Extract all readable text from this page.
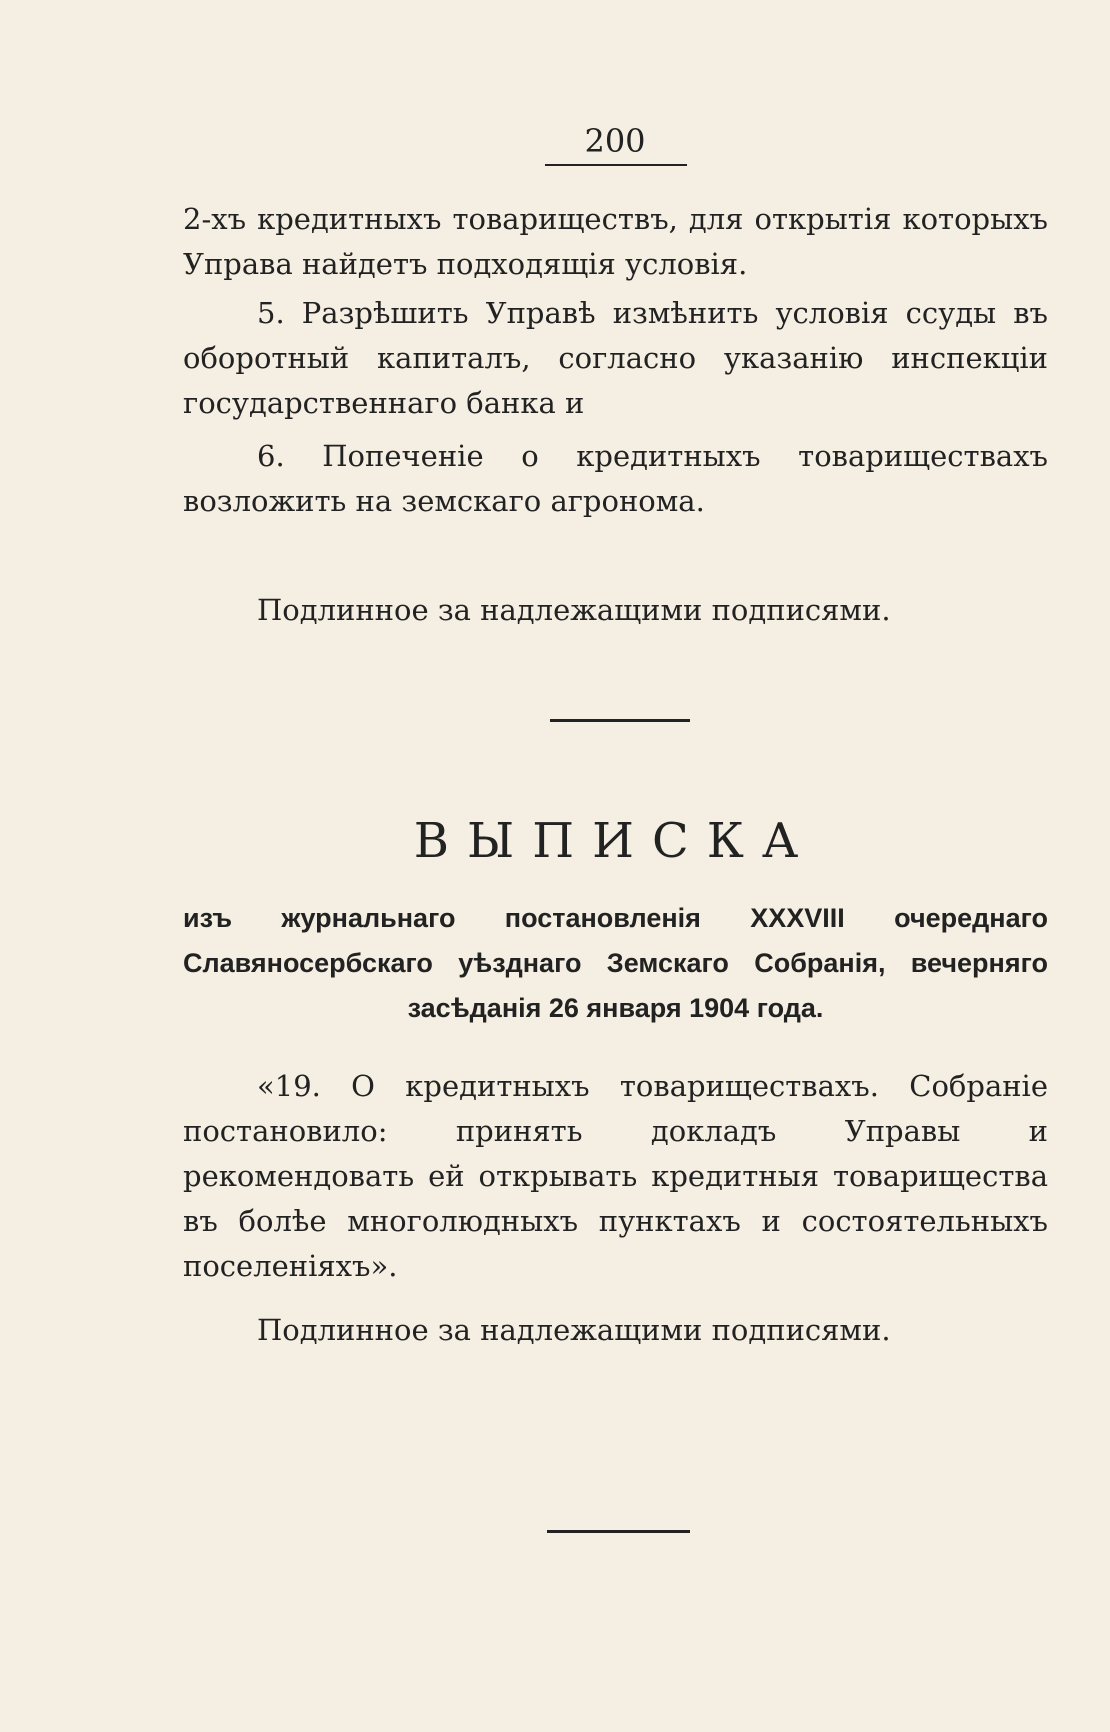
200
2-хъ кредитныхъ товариществъ, для открытія которыхъ Управа найдетъ подходящія условія.
5. Разрѣшить Управѣ измѣнить условія ссуды въ оборотный капиталъ, согласно указанію инспекціи государственнаго банка и
6. Попеченіе о кредитныхъ товариществахъ возложить на земскаго агронома.
Подлинное за надлежащими подписями.
ВЫПИСКА
изъ журнальнаго постановленія XXXVIII очереднаго Славяносербскаго уѣзднаго Земскаго Собранія, вечерняго засѣданія 26 января 1904 года.
«19. О кредитныхъ товариществахъ. Собраніе постановило: принять докладъ Управы и рекомендовать ей открывать кредитныя товарищества въ болѣе многолюдныхъ пунктахъ и состоятельныхъ поселеніяхъ».
Подлинное за надлежащими подписями.
